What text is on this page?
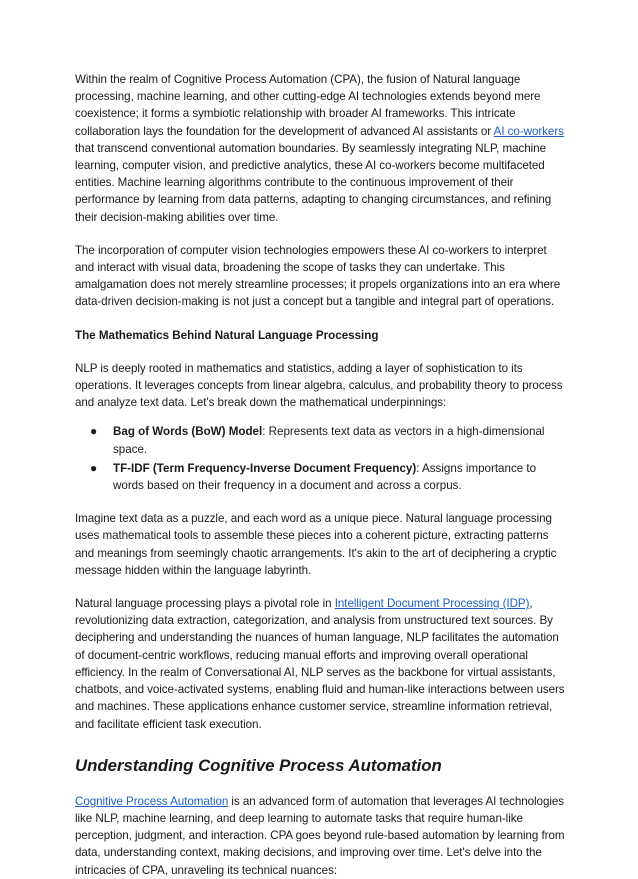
Within the realm of Cognitive Process Automation (CPA), the fusion of Natural language processing, machine learning, and other cutting-edge AI technologies extends beyond mere coexistence; it forms a symbiotic relationship with broader AI frameworks. This intricate collaboration lays the foundation for the development of advanced AI assistants or AI co-workers that transcend conventional automation boundaries. By seamlessly integrating NLP, machine learning, computer vision, and predictive analytics, these AI co-workers become multifaceted entities. Machine learning algorithms contribute to the continuous improvement of their performance by learning from data patterns, adapting to changing circumstances, and refining their decision-making abilities over time.

The incorporation of computer vision technologies empowers these AI co-workers to interpret and interact with visual data, broadening the scope of tasks they can undertake. This amalgamation does not merely streamline processes; it propels organizations into an era where data-driven decision-making is not just a concept but a tangible and integral part of operations.

The Mathematics Behind Natural Language Processing

NLP is deeply rooted in mathematics and statistics, adding a layer of sophistication to its operations. It leverages concepts from linear algebra, calculus, and probability theory to process and analyze text data. Let's break down the mathematical underpinnings:

● Bag of Words (BoW) Model: Represents text data as vectors in a high-dimensional space.
● TF-IDF (Term Frequency-Inverse Document Frequency): Assigns importance to words based on their frequency in a document and across a corpus.

Imagine text data as a puzzle, and each word as a unique piece. Natural language processing uses mathematical tools to assemble these pieces into a coherent picture, extracting patterns and meanings from seemingly chaotic arrangements. It's akin to the art of deciphering a cryptic message hidden within the language labyrinth.

Natural language processing plays a pivotal role in Intelligent Document Processing (IDP), revolutionizing data extraction, categorization, and analysis from unstructured text sources. By deciphering and understanding the nuances of human language, NLP facilitates the automation of document-centric workflows, reducing manual efforts and improving overall operational efficiency. In the realm of Conversational AI, NLP serves as the backbone for virtual assistants, chatbots, and voice-activated systems, enabling fluid and human-like interactions between users and machines. These applications enhance customer service, streamline information retrieval, and facilitate efficient task execution.

Understanding Cognitive Process Automation

Cognitive Process Automation is an advanced form of automation that leverages AI technologies like NLP, machine learning, and deep learning to automate tasks that require human-like perception, judgment, and interaction. CPA goes beyond rule-based automation by learning from data, understanding context, making decisions, and improving over time. Let's delve into the intricacies of CPA, unraveling its technical nuances:
